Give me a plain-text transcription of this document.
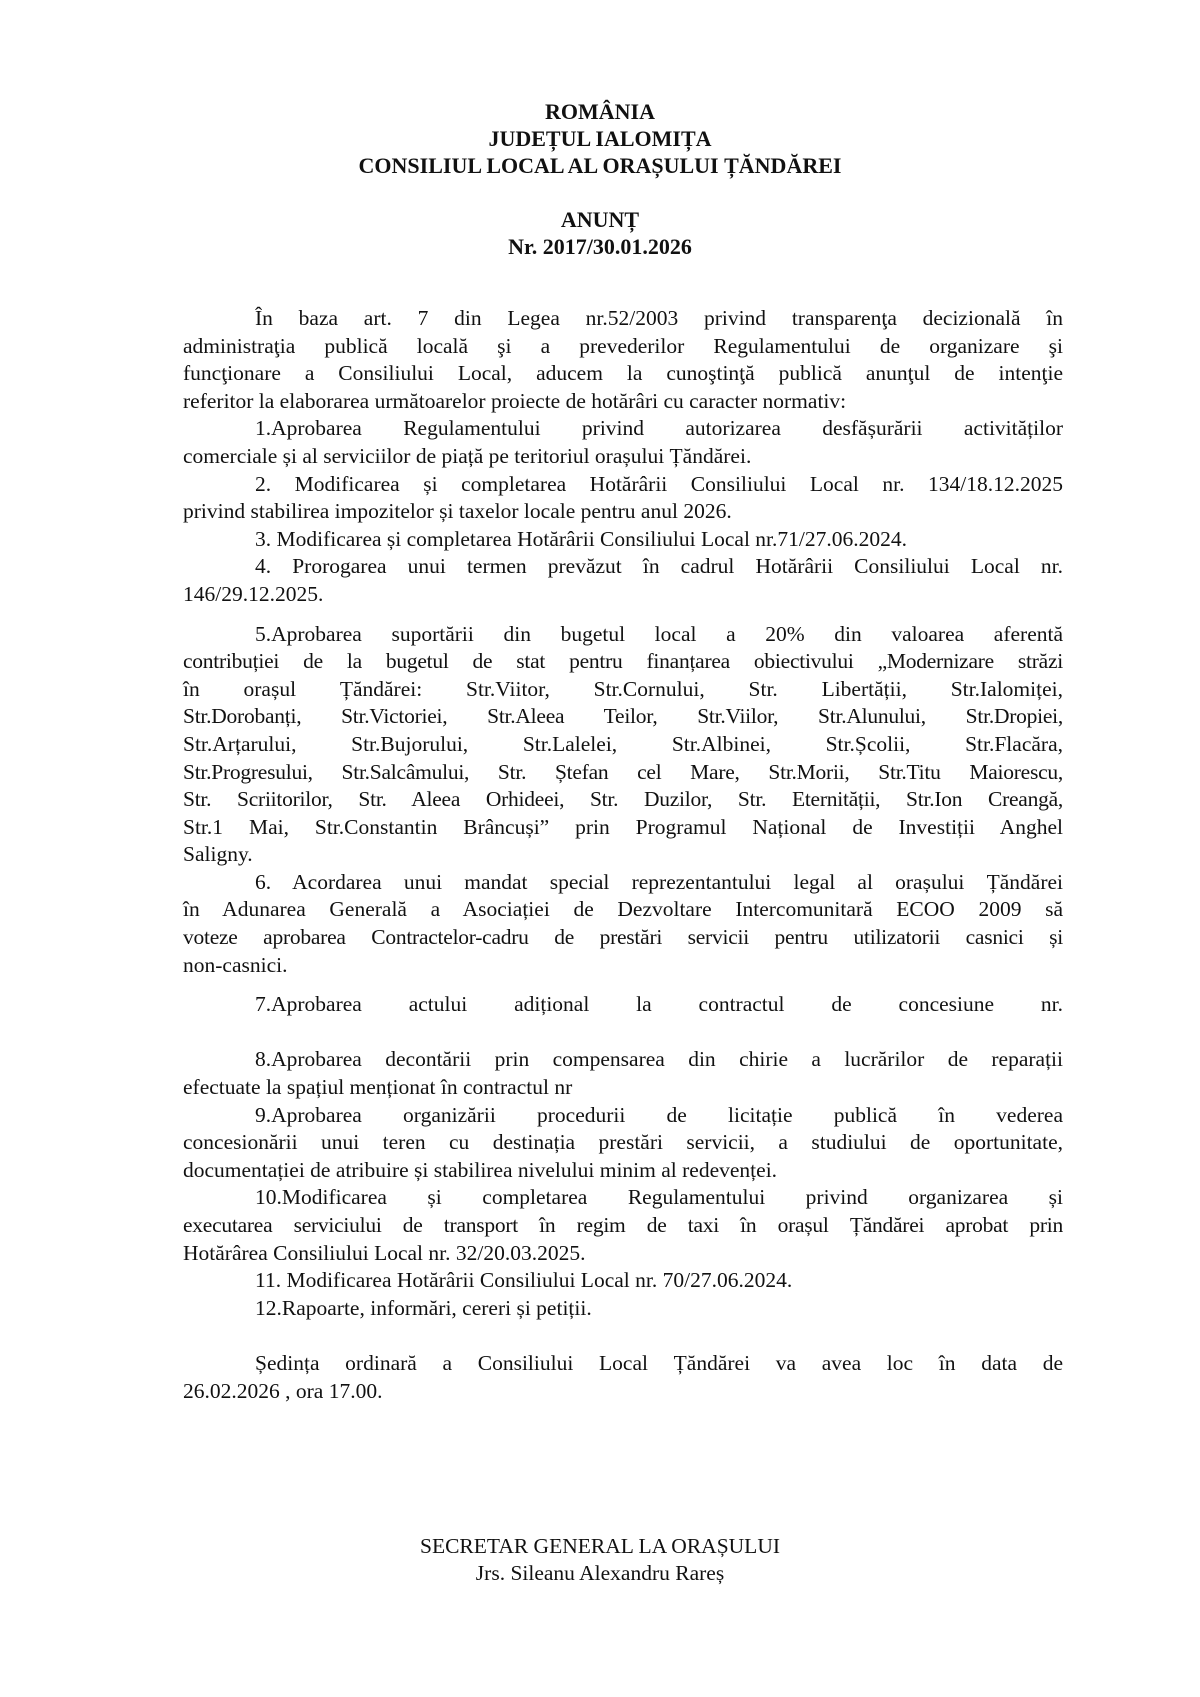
ROMÂNIA
JUDEȚUL IALOMIȚA
CONSILIUL LOCAL AL ORAȘULUI ȚĂNDĂREI
ANUNȚ
Nr. 2017/30.01.2026
În baza art. 7 din Legea nr.52/2003 privind transparenţa decizională în
administraţia publică locală şi a prevederilor Regulamentului de organizare şi
funcţionare a Consiliului Local, aducem la cunoştinţă publică anunţul de intenţie
referitor la elaborarea următoarelor proiecte de hotărâri cu caracter normativ:
1.Aprobarea Regulamentului privind autorizarea desfășurării activităților
comerciale și al serviciilor de piață pe teritoriul orașului Țăndărei.
2. Modificarea și completarea Hotărârii Consiliului Local nr. 134/18.12.2025
privind stabilirea impozitelor și taxelor locale pentru anul 2026.
3. Modificarea și completarea Hotărârii Consiliului Local nr.71/27.06.2024.
4. Prorogarea unui termen prevăzut în cadrul Hotărârii Consiliului Local nr.
146/29.12.2025.
5.Aprobarea suportării din bugetul local a 20% din valoarea aferentă
contribuției de la bugetul de stat pentru finanțarea obiectivului „Modernizare străzi
în orașul Țăndărei: Str.Viitor, Str.Cornului, Str. Libertății, Str.Ialomiței,
Str.Dorobanți, Str.Victoriei, Str.Aleea Teilor, Str.Viilor, Str.Alunului, Str.Dropiei,
Str.Arțarului, Str.Bujorului, Str.Lalelei, Str.Albinei, Str.Școlii, Str.Flacăra,
Str.Progresului, Str.Salcâmului, Str. Ștefan cel Mare, Str.Morii, Str.Titu Maiorescu,
Str. Scriitorilor, Str. Aleea Orhideei, Str. Duzilor, Str. Eternității, Str.Ion Creangă,
Str.1 Mai, Str.Constantin Brâncuși” prin Programul Național de Investiții Anghel
Saligny.
6. Acordarea unui mandat special reprezentantului legal al orașului Țăndărei
în Adunarea Generală a Asociației de Dezvoltare Intercomunitară ECOO 2009 să
voteze aprobarea Contractelor-cadru de prestări servicii pentru utilizatorii casnici și
non-casnici.
7.Aprobarea actului adițional la contractul de concesiune nr.
8.Aprobarea decontării prin compensarea din chirie a lucrărilor de reparații
efectuate la spațiul menționat în contractul nr
9.Aprobarea organizării procedurii de licitație publică în vederea
concesionării unui teren cu destinația prestări servicii, a studiului de oportunitate,
documentației de atribuire și stabilirea nivelului minim al redevenței.
10.Modificarea și completarea Regulamentului privind organizarea și
executarea serviciului de transport în regim de taxi în orașul Țăndărei aprobat prin
Hotărârea Consiliului Local nr. 32/20.03.2025.
11. Modificarea Hotărârii Consiliului Local nr. 70/27.06.2024.
12.Rapoarte, informări, cereri și petiții.
Ședința ordinară a Consiliului Local Țăndărei va avea loc în data de
26.02.2026 , ora 17.00.
SECRETAR GENERAL LA ORAȘULUI
Jrs. Sileanu Alexandru Rareș
